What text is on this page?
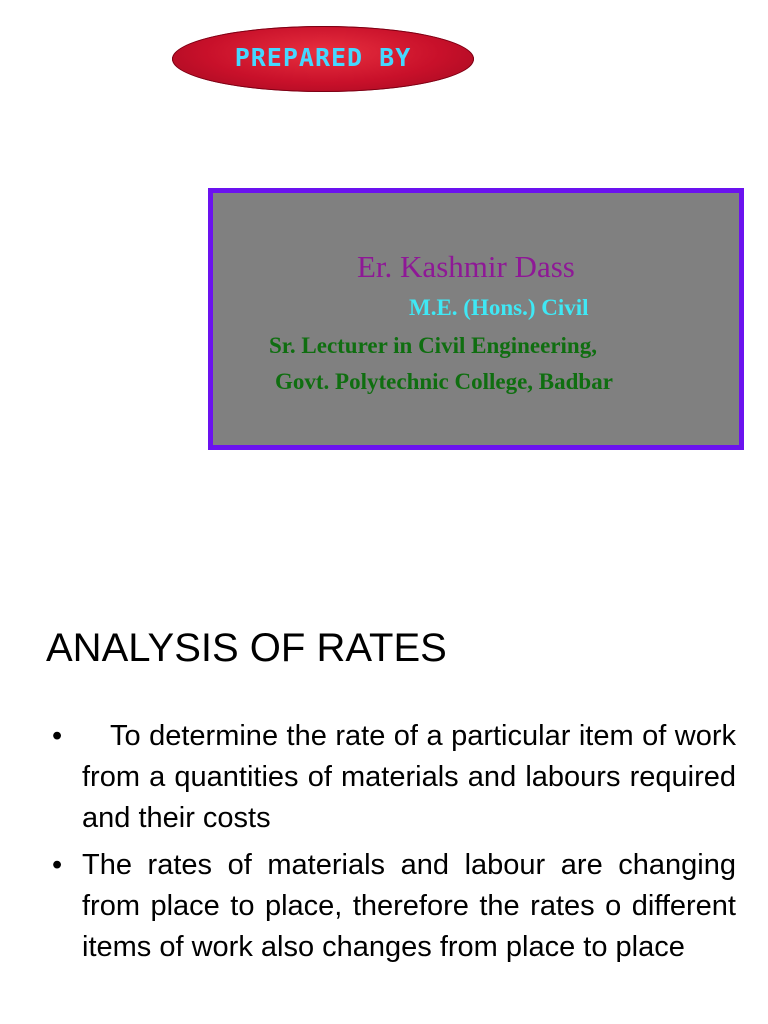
PREPARED BY
Er. Kashmir Dass
M.E. (Hons.) Civil
Sr. Lecturer in Civil Engineering,
Govt. Polytechnic College, Badbar
ANALYSIS OF RATES
•	To determine the rate of a particular item of work from a quantities of materials and labours required and their costs
• The rates of materials and labour are changing from place to place, therefore the rates o different items of work also changes from place to place
